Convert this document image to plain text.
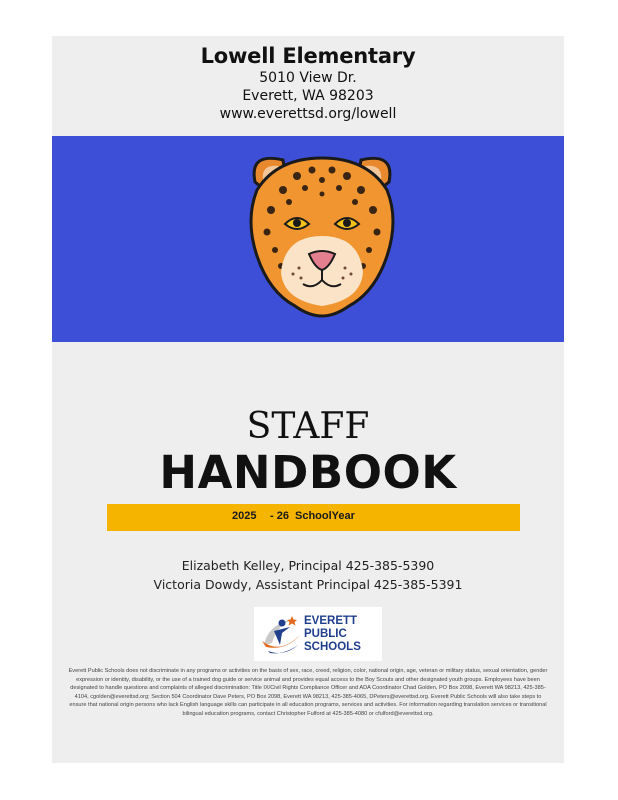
Lowell Elementary
5010 View Dr.
Everett, WA 98203
www.everettsd.org/lowell
STAFF
HANDBOOK
2025 - 26 SchoolYear
Elizabeth Kelley, Principal 425-385-5390
Victoria Dowdy, Assistant Principal 425-385-5391
EVERETT
PUBLIC
SCHOOLS
Everett Public Schools does not discriminate in any programs or activities on the basis of sex, race, creed, religion, color, national origin, age, veteran or military status, sexual orientation, gender expression or identity, disability, or the use of a trained dog guide or service animal and provides equal access to the Boy Scouts and other designated youth groups. Employees have been designated to handle questions and complaints of alleged discrimination: Title IX/Civil Rights Compliance Officer and ADA Coordinator Chad Golden, PO Box 2098, Everett WA 98213, 425-385-4104, cgolden@everettsd.org; Section 504 Coordinator Dave Peters, PO Box 2098, Everett WA 98213, 425-385-4065, DPeters@everettsd.org. Everett Public Schools will also take steps to ensure that national origin persons who lack English language skills can participate in all education programs, services and activities. For information regarding translation services or transitional bilingual education programs, contact Christopher Fulford at 425-385-4080 or cfulford@everettsd.org.
